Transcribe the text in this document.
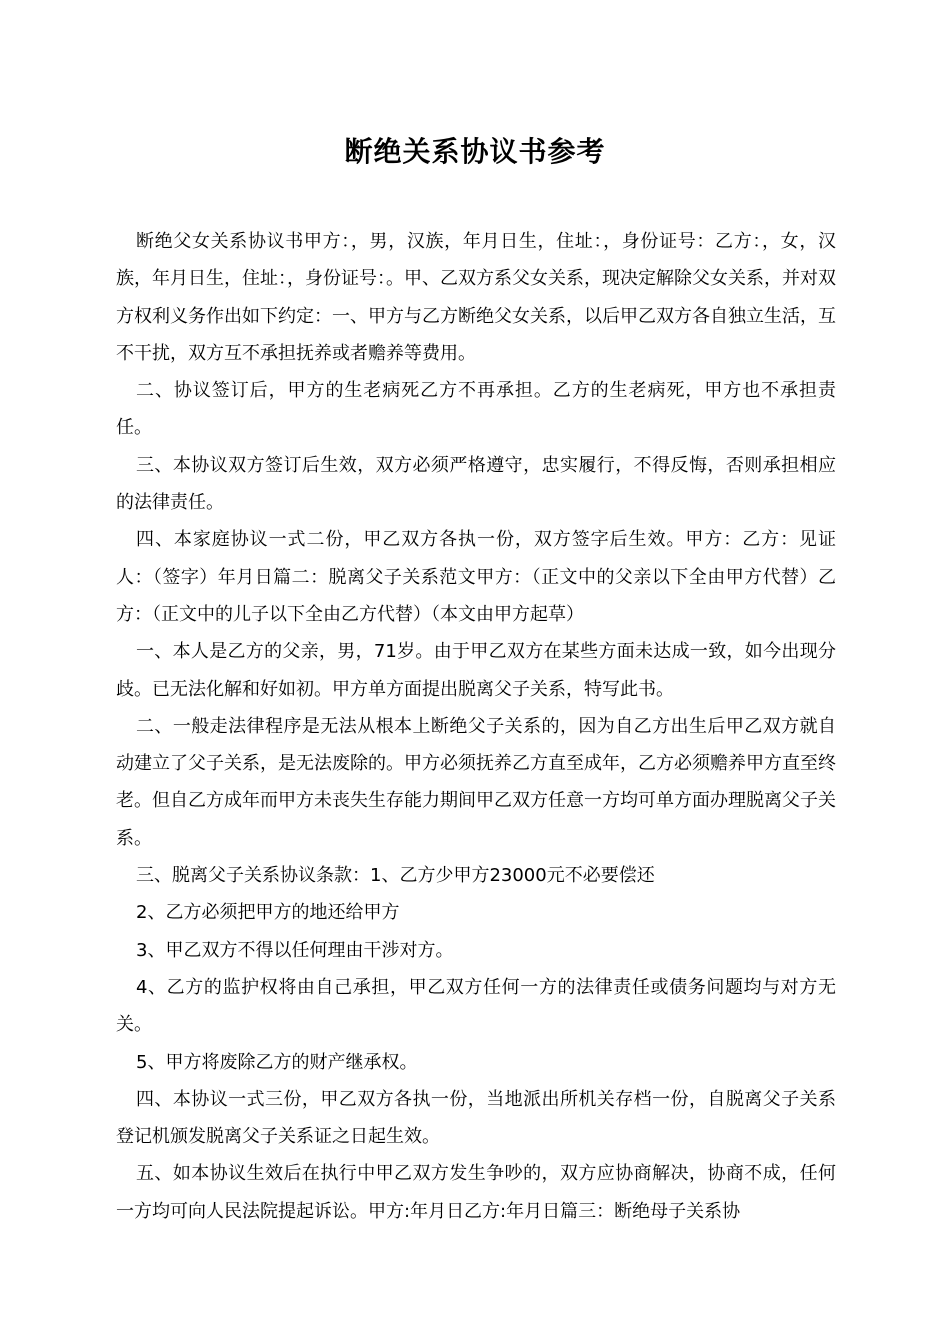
断绝关系协议书参考

断绝父女关系协议书甲方：，男，汉族，年月日生，住址：，身份证号：乙方：，女，汉族，年月日生，住址：，身份证号：。甲、乙双方系父女关系，现决定解除父女关系，并对双方权利义务作出如下约定：一、甲方与乙方断绝父女关系，以后甲乙双方各自独立生活，互不干扰，双方互不承担抚养或者赡养等费用。

二、协议签订后，甲方的生老病死乙方不再承担。乙方的生老病死，甲方也不承担责任。

三、本协议双方签订后生效，双方必须严格遵守，忠实履行，不得反悔，否则承担相应的法律责任。

四、本家庭协议一式二份，甲乙双方各执一份，双方签字后生效。甲方：乙方：见证人：（签字）年月日篇二：脱离父子关系范文甲方：（正文中的父亲以下全由甲方代替）乙方：（正文中的儿子以下全由乙方代替）（本文由甲方起草）

一、本人是乙方的父亲，男，71岁。由于甲乙双方在某些方面未达成一致，如今出现分歧。已无法化解和好如初。甲方单方面提出脱离父子关系，特写此书。

二、一般走法律程序是无法从根本上断绝父子关系的，因为自乙方出生后甲乙双方就自动建立了父子关系，是无法废除的。甲方必须抚养乙方直至成年，乙方必须赡养甲方直至终老。但自乙方成年而甲方未丧失生存能力期间甲乙双方任意一方均可单方面办理脱离父子关系。

三、脱离父子关系协议条款：1、乙方少甲方23000元不必要偿还

2、乙方必须把甲方的地还给甲方

3、甲乙双方不得以任何理由干涉对方。

4、乙方的监护权将由自己承担，甲乙双方任何一方的法律责任或债务问题均与对方无关。

5、甲方将废除乙方的财产继承权。

四、本协议一式三份，甲乙双方各执一份，当地派出所机关存档一份，自脱离父子关系登记机颁发脱离父子关系证之日起生效。

五、如本协议生效后在执行中甲乙双方发生争吵的，双方应协商解决，协商不成，任何一方均可向人民法院提起诉讼。甲方:年月日乙方:年月日篇三：断绝母子关系协
